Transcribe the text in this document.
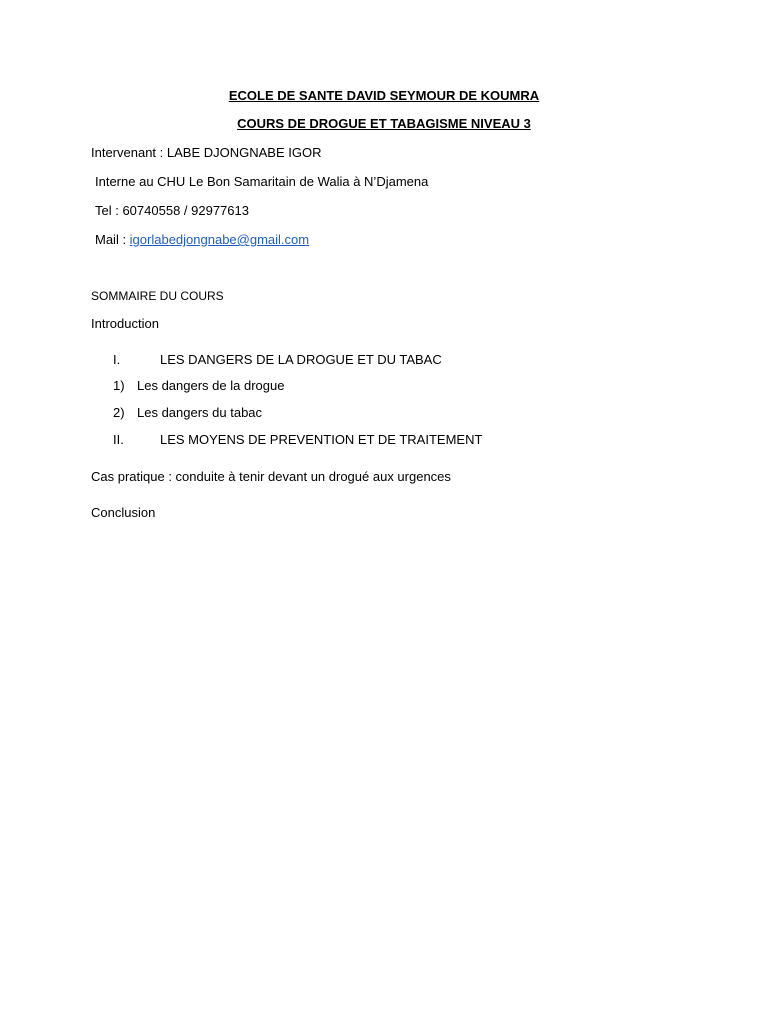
ECOLE DE SANTE DAVID SEYMOUR DE KOUMRA
COURS DE DROGUE ET TABAGISME NIVEAU 3
Intervenant : LABE DJONGNABE IGOR
Interne au CHU Le Bon Samaritain de Walia à N’Djamena
Tel : 60740558 / 92977613
Mail : igorlabedjongnabe@gmail.com
SOMMAIRE DU COURS
Introduction
I.	LES DANGERS DE LA DROGUE ET DU TABAC
1) Les dangers de la drogue
2) Les dangers du tabac
II.	LES MOYENS DE PREVENTION ET DE TRAITEMENT
Cas pratique : conduite à tenir devant un drogué aux urgences
Conclusion
